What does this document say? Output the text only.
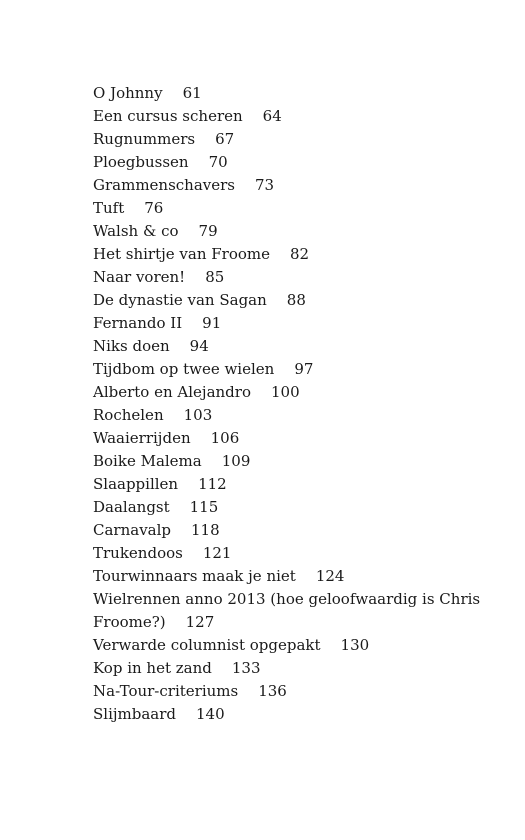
O Johnny 61
Een cursus scheren 64
Rugnummers 67
Ploegbussen 70
Grammenschavers 73
Tuft 76
Walsh & co 79
Het shirtje van Froome 82
Naar voren! 85
De dynastie van Sagan 88
Fernando II 91
Niks doen 94
Tijdbom op twee wielen 97
Alberto en Alejandro 100
Rochelen 103
Waaierrijden 106
Boike Malema 109
Slaappillen 112
Daalangst 115
Carnavalp 118
Trukendoos 121
Tourwinnaars maak je niet 124
Wielrennen anno 2013 (hoe geloofwaardig is Chris Froome?) 127
Verwarde columnist opgepakt 130
Kop in het zand 133
Na-Tour-criteriums 136
Slijmbaard 140
